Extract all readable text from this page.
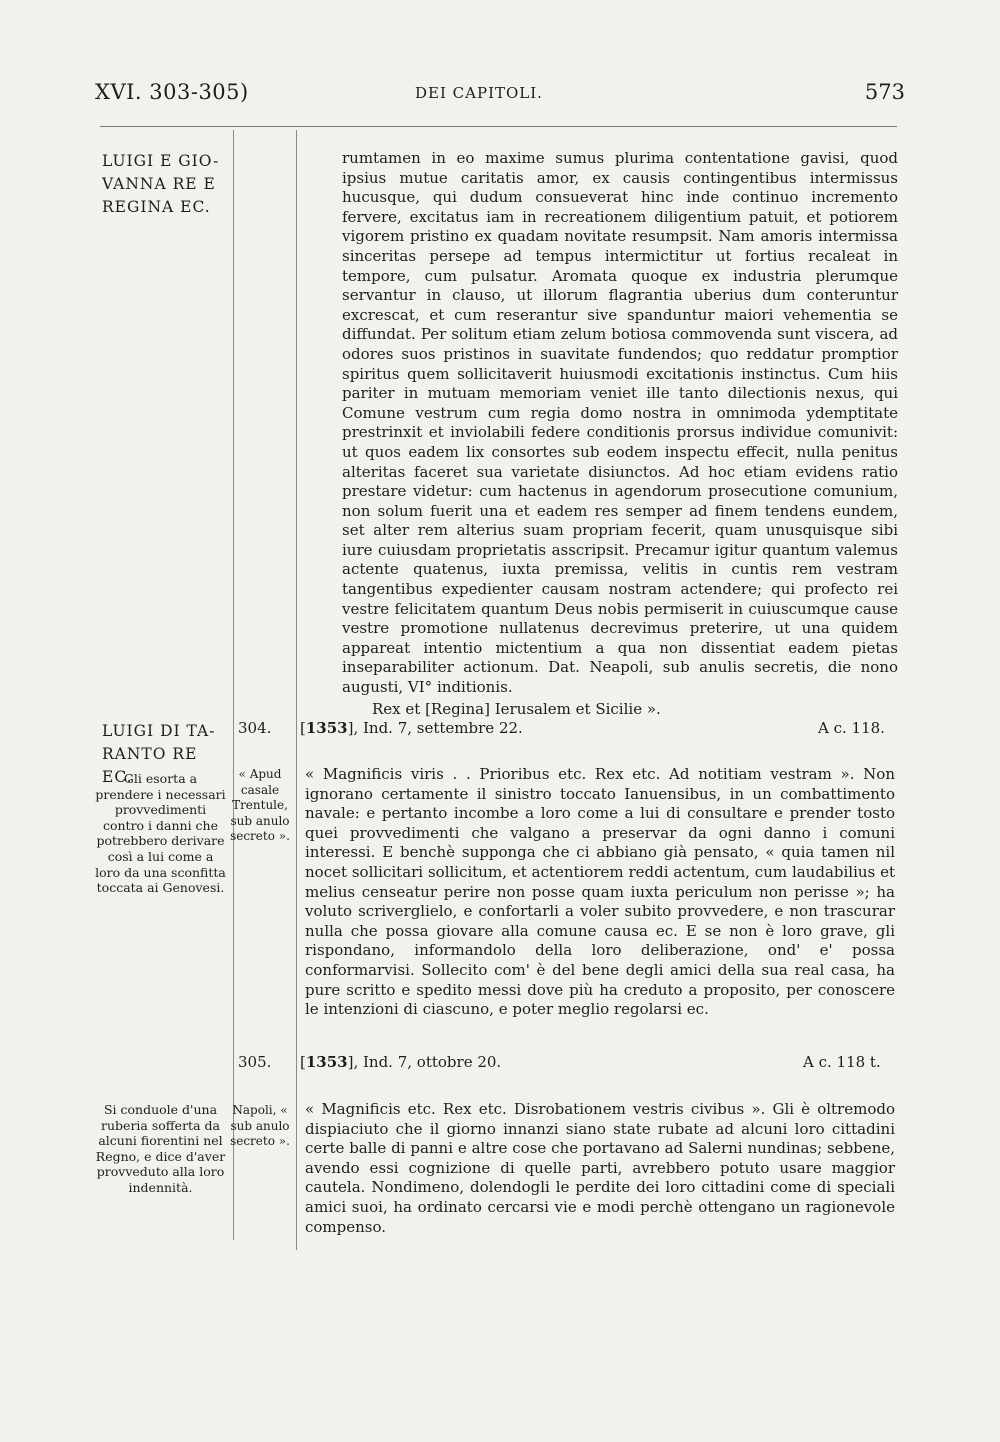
XVI. 303-305)	DEI CAPITOLI.	573
LUIGI E GIO- VANNA RE E REGINA EC.

rumtamen in eo maxime sumus plurima contentatione gavisi, quod ipsius mutue caritatis amor, ex causis contingentibus intermissus hucusque, qui dudum consueverat hinc inde continuo incremento fervere, excitatus iam in recreationem diligentium patuit, et potiorem vigorem pristino ex quadam novitate resumpsit. Nam amoris intermissa sinceritas persepe ad tempus intermictitur ut fortius recaleat in tempore, cum pulsatur. Aromata quoque ex industria plerumque servantur in clauso, ut illorum flagrantia uberius dum conteruntur excrescat, et cum reserantur sive spanduntur maiori vehementia se diffundat. Per solitum etiam zelum botiosa commovenda sunt viscera, ad odores suos pristinos in suavitate fundendos; quo reddatur promptior spiritus quem sollicitaverit huiusmodi excitationis instinctus. Cum hiis pariter in mutuam memoriam veniet ille tanto dilectionis nexus, qui Comune vestrum cum regia domo nostra in omnimoda ydemptitate prestrinxit et inviolabili federe conditionis prorsus individue comunivit: ut quos eadem lix consortes sub eodem inspectu effecit, nulla penitus alteritas faceret sua varietate disiunctos. Ad hoc etiam evidens ratio prestare videtur: cum hactenus in agendorum prosecutione comunium, non solum fuerit una et eadem res semper ad finem tendens eundem, set alter rem alterius suam propriam fecerit, quam unusquisque sibi iure cuiusdam proprietatis asscripsit. Precamur igitur quantum valemus actente quatenus, iuxta premissa, velitis in cuntis rem vestram tangentibus expedienter causam nostram actendere; qui profecto rei vestre felicitatem quantum Deus nobis permiserit in cuiuscumque cause vestre promotione nullatenus decrevimus preterire, ut una quidem appareat intentio mictentium a qua non dissentiat eadem pietas inseparabiliter actionum. Dat. Neapoli, sub anulis secretis, die nono augusti, VI° inditionis.

Rex et [Regina] Ierusalem et Sicilie ».

LUIGI DI TA- RANTO RE EC.
304. [1353], Ind. 7, settembre 22.	A c. 118.
Gli esorta a prendere i necessari provvedimenti contro i danni che potrebbero derivare così a lui come a loro da una sconfitta toccata ai Genovesi.
« Apud casale Trentule, sub anulo secreto ».

« Magnificis viris . . Prioribus etc. Rex etc. Ad notitiam vestram ». Non ignorano certamente il sinistro toccato Ianuensibus, in un combattimento navale: e pertanto incombe a loro come a lui di consultare e prender tosto quei provvedimenti che valgano a preservar da ogni danno i comuni interessi. E benchè supponga che ci abbiano già pensato, « quia tamen nil nocet sollicitari sollicitum, et actentiorem reddi actentum, cum laudabilius et melius censeatur perire non posse quam iuxta periculum non perisse »; ha voluto scriverglielo, e confortarli a voler subito provvedere, e non trascurar nulla che possa giovare alla comune causa ec. E se non è loro grave, gli rispondano, informandolo della loro deliberazione, ond' e' possa conformarvisi. Sollecito com' è del bene degli amici della sua real casa, ha pure scritto e spedito messi dove più ha creduto a proposito, per conoscere le intenzioni di ciascuno, e poter meglio regolarsi ec.

305. [1353], Ind. 7, ottobre 20.	A c. 118 t.
Si conduole d'una ruberia sofferta da alcuni fiorentini nel Regno, e dice d'aver provveduto alla loro indennità.
Napoli, « sub anulo secreto ».

« Magnificis etc. Rex etc. Disrobationem vestris civibus ». Gli è oltremodo dispiaciuto che il giorno innanzi siano state rubate ad alcuni loro cittadini certe balle di panni e altre cose che portavano ad Salerni nundinas; sebbene, avendo essi cognizione di quelle parti, avrebbero potuto usare maggior cautela. Nondimeno, dolendogli le perdite dei loro cittadini come di speciali amici suoi, ha ordinato cercarsi vie e modi perchè ottengano un ragionevole compenso.
